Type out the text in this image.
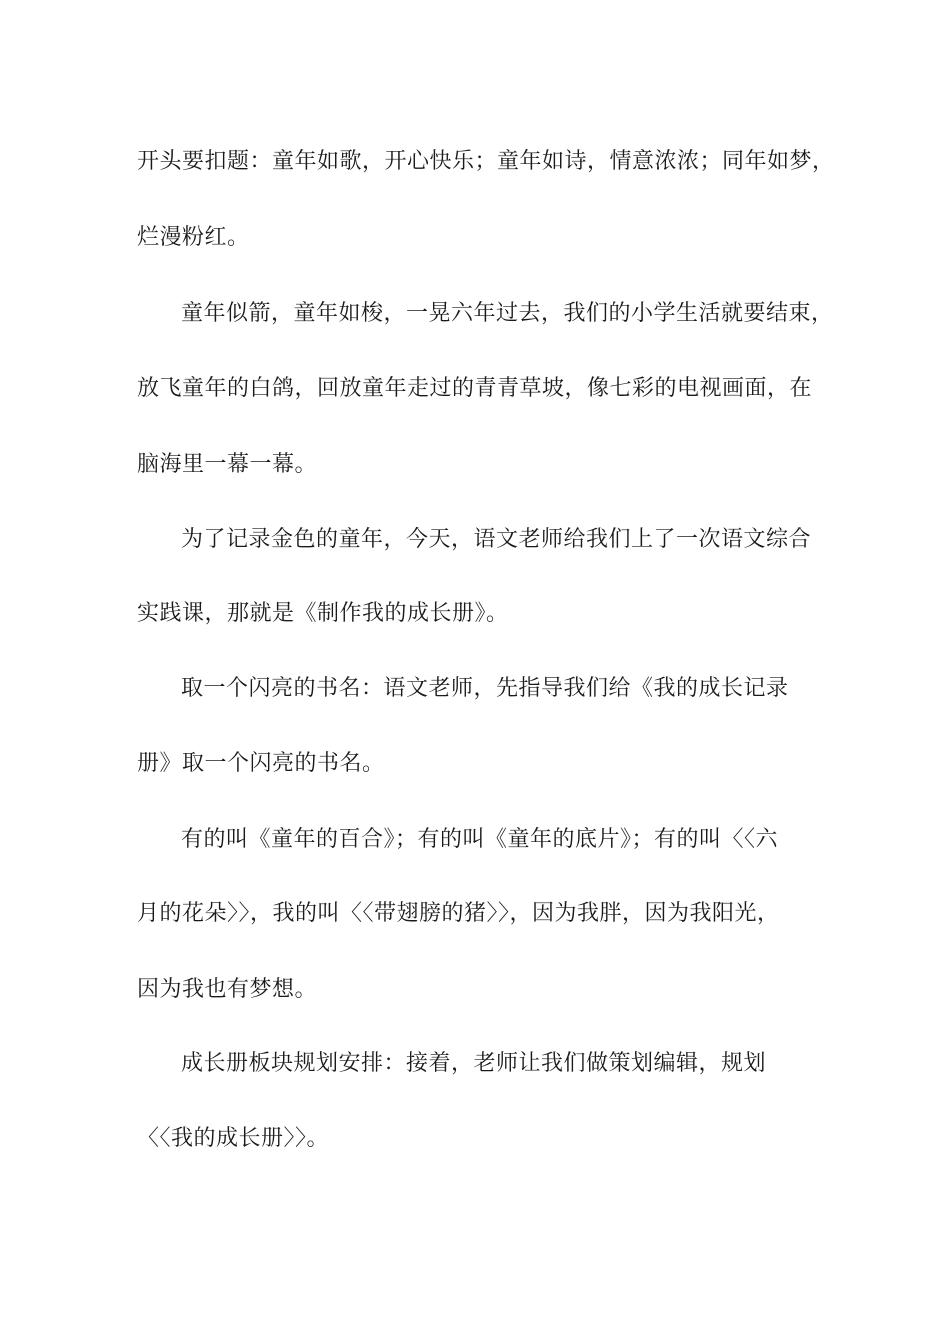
开头要扣题：童年如歌，开心快乐；童年如诗，情意浓浓；同年如梦，
烂漫粉红。
童年似箭，童年如梭，一晃六年过去，我们的小学生活就要结束，
放飞童年的白鸽，回放童年走过的青青草坡，像七彩的电视画面，在
脑海里一幕一幕。
为了记录金色的童年，今天，语文老师给我们上了一次语文综合
实践课，那就是《制作我的成长册》。
取一个闪亮的书名：语文老师，先指导我们给《我的成长记录
册》取一个闪亮的书名。
有的叫《童年的百合》；有的叫《童年的底片》；有的叫〈〈六
月的花朵〉〉，我的叫〈〈带翅膀的猪〉〉，因为我胖，因为我阳光，
因为我也有梦想。
成长册板块规划安排：接着，老师让我们做策划编辑，规划
〈〈我的成长册〉〉。
